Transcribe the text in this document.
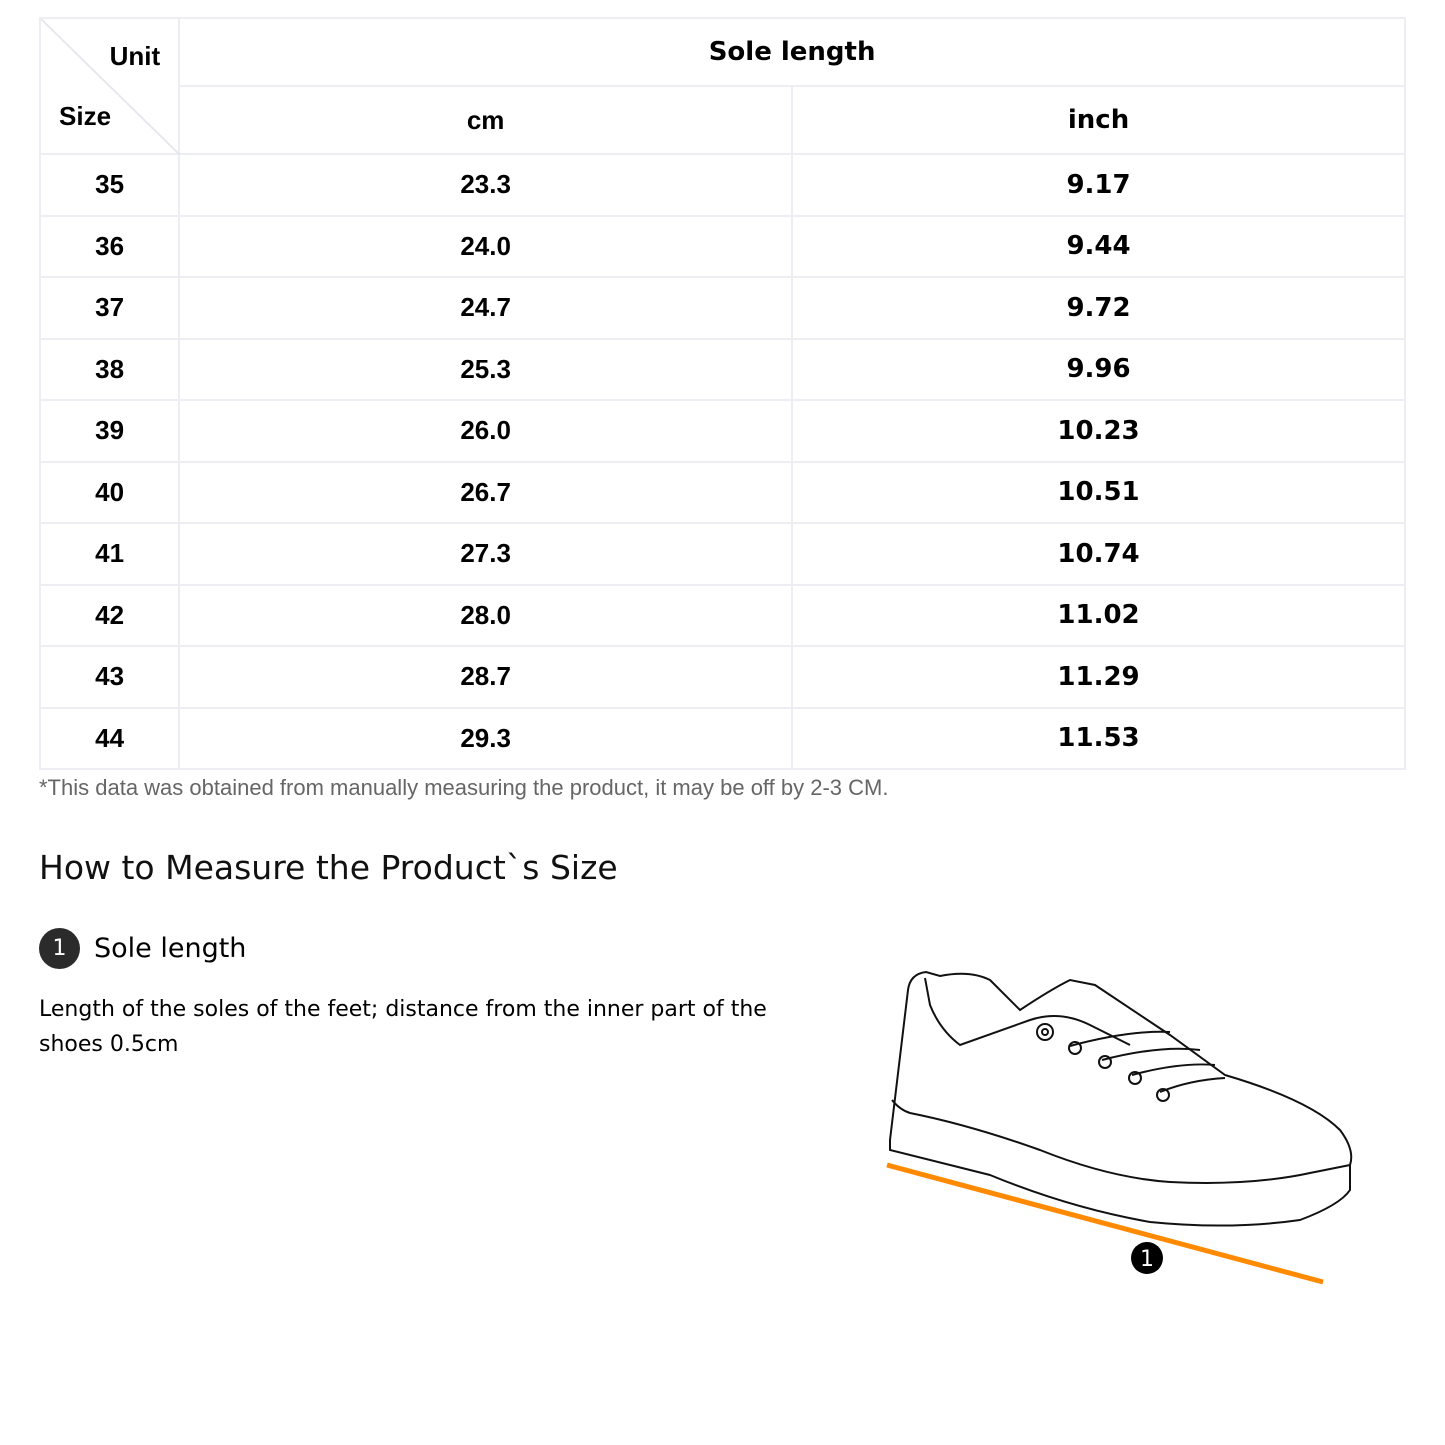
Unit
Size	Sole length	
	cm	inch
35	23.3	9.17
36	24.0	9.44
37	24.7	9.72
38	25.3	9.96
39	26.0	10.23
40	26.7	10.51
41	27.3	10.74
42	28.0	11.02
43	28.7	11.29
44	29.3	11.53
*This data was obtained from manually measuring the product, it may be off by 2-3 CM.
How to Measure the Product`s Size
1	Sole length
Length of the soles of the feet; distance from the inner part of the shoes 0.5cm
1
